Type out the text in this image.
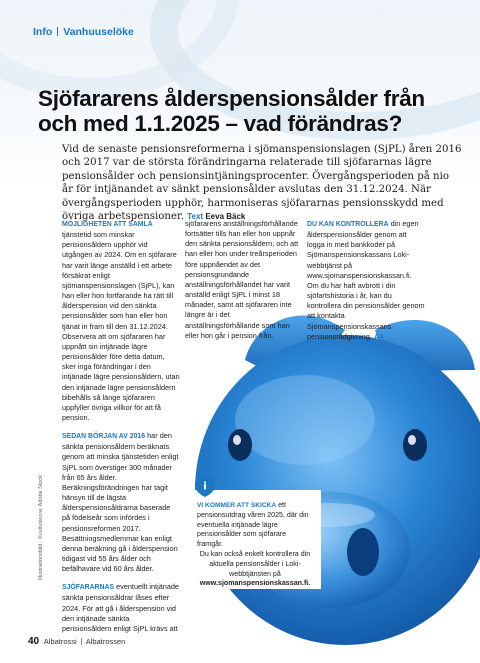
Info Vanhuuselöke
Sjöfararens ålderspensionsålder från
och med 1.1.2025 – vad förändras?
Vid de senaste pensionsreformerna i sjömanspensionslagen (SjPL) åren 2016 och 2017 var de största förändringarna relaterade till sjöfararnas lägre pensionsålder och pensionsintjäningsprocenter. Övergångsperioden på nio år för intjänandet av sänkt pensionsålder avslutas den 31.12.2024. När övergångsperioden upphör, harmoniseras sjöfararnas pensionsskydd med övriga arbetspensioner. Text Eeva Bäck

MÖJLIGHETEN ATT SAMLA tjänstetid som minskar pensionsåldern upphör vid utgången av 2024. Om en sjöfarare har varit länge anställd i ett arbete försäkrat enligt sjömanspensionslagen (SjPL), kan han eller hon fortfarande ha rätt till ålderspension vid den sänkta pensionsålder som han eller hon tjänat in fram till den 31.12.2024. Observera att om sjöfararen har uppnått sin intjänade lägre pensionsålder före detta datum, sker inga förändringar i den intjänade lägre pensionsåldern, utan den intjänade lägre pensionsåldern bibehålls så länge sjöfararen uppfyller övriga villkor för att få pension.

SEDAN BÖRJAN AV 2016 har den sänkta pensionsåldern beräknats genom att minska tjänstetiden enligt SjPL som överstiger 300 månader från 65 års ålder. Beräkningsförändringen har tagit hänsyn till de lägsta ålderspensionsåldrarna baserade på födelseår som infördes i pensionsreformen 2017. Besättningsmedlemmar kan enligt denna beräkning gå i ålderspension tidigast vid 55 års ålder och befälhavare vid 60 års ålder.

SJÖFARARNAS eventuellt intjänade sänkta pensionsåldrar låses efter 2024. För att gå i ålderspension vid den intjänade sänkta pensionsåldern enligt SjPL krävs att

sjöfararens anställningsförhållande fortsätter tills han eller hon uppnår den sänkta pensionsåldern, och att han eller hon under treårsperioden före uppnåendet av det pensionsgrundande anställningsförhållandet har varit anställd enligt SjPL i minst 18 månader, samt att sjöfararen inte längre är i det anställningsförhållande som han eller hon går i pension från.

DU KAN KONTROLLERA din egen ålderspensionsålder genom att logga in med bankkoder på Sjömanspensionskassans Loki-webbtjänst på www.sjomanspensionskassan.fi. Om du har haft avbrott i din sjöfartshistoria i år, kan du kontrollera din pensionsålder genom att kontakta Sjömanspensionskassans pensionsrådgivning. AA

VI KOMMER ATT SKICKA ett pensionsutdrag våren 2025, där din eventuella intjänade lägre pensionsålder som sjöfarare framgår.
Du kan också enkelt kontrollera din aktuella pensionsålder i Loki-webbtjänsten på www.sjomanspensionskassan.fi. AA
i
Illustrationsbild · Kuvituskuva: Adobe Stock
40 Albatrossi Albatrossen
